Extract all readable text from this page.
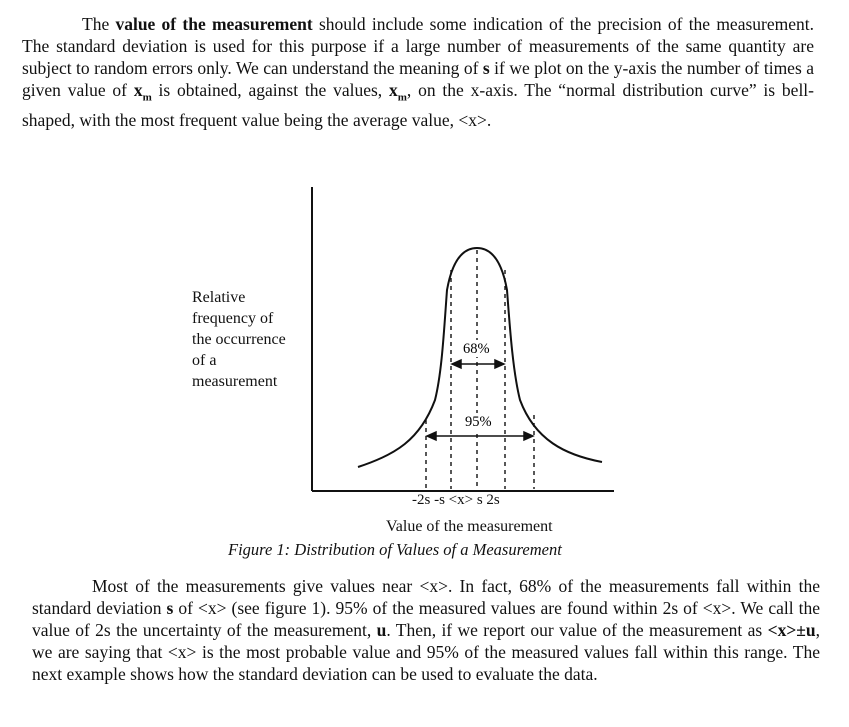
The value of the measurement should include some indication of the precision of the measurement. The standard deviation is used for this purpose if a large number of measurements of the same quantity are subject to random errors only. We can understand the meaning of s if we plot on the y-axis the number of times a given value of $x_m$ is obtained, against the values, $x_m$, on the x-axis. The “normal distribution curve” is bell-shaped, with the most frequent value being the average value, <x>.
68%
95%
Relative
frequency of
the occurrence
of a
measurement
-2s -s <x> s 2s
Value of the measurement
Figure 1: Distribution of Values of a Measurement
Most of the measurements give values near <x>. In fact, 68% of the measurements fall within the standard deviation s of <x> (see figure 1). 95% of the measured values are found within 2s of <x>. We call the value of 2s the uncertainty of the measurement, u. Then, if we report our value of the measurement as <x>±u, we are saying that <x> is the most probable value and 95% of the measured values fall within this range. The next example shows how the standard deviation can be used to evaluate the data.
